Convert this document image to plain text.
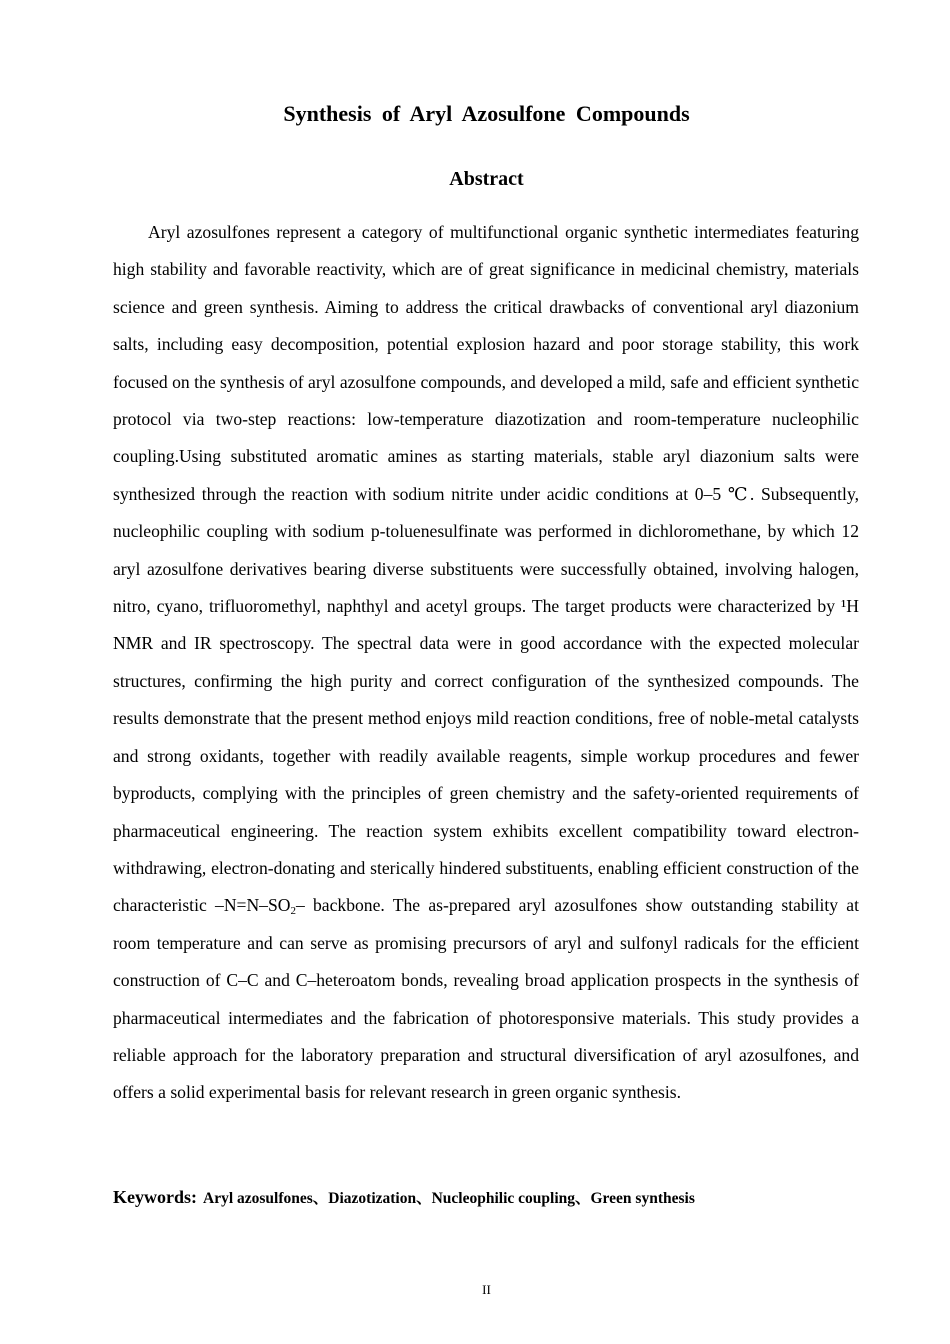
Synthesis of Aryl Azosulfone Compounds
Abstract

Aryl azosulfones represent a category of multifunctional organic synthetic intermediates featuring high stability and favorable reactivity, which are of great significance in medicinal chemistry, materials science and green synthesis. Aiming to address the critical drawbacks of conventional aryl diazonium salts, including easy decomposition, potential explosion hazard and poor storage stability, this work focused on the synthesis of aryl azosulfone compounds, and developed a mild, safe and efficient synthetic protocol via two-step reactions: low-temperature diazotization and room-temperature nucleophilic coupling.Using substituted aromatic amines as starting materials, stable aryl diazonium salts were synthesized through the reaction with sodium nitrite under acidic conditions at 0–5 ℃. Subsequently, nucleophilic coupling with sodium p-toluenesulfinate was performed in dichloromethane, by which 12 aryl azosulfone derivatives bearing diverse substituents were successfully obtained, involving halogen, nitro, cyano, trifluoromethyl, naphthyl and acetyl groups. The target products were characterized by ¹H NMR and IR spectroscopy. The spectral data were in good accordance with the expected molecular structures, confirming the high purity and correct configuration of the synthesized compounds. The results demonstrate that the present method enjoys mild reaction conditions, free of noble-metal catalysts and strong oxidants, together with readily available reagents, simple workup procedures and fewer byproducts, complying with the principles of green chemistry and the safety-oriented requirements of pharmaceutical engineering. The reaction system exhibits excellent compatibility toward electron-withdrawing, electron-donating and sterically hindered substituents, enabling efficient construction of the characteristic $-N=N-SO_2-$ backbone. The as-prepared aryl azosulfones show outstanding stability at room temperature and can serve as promising precursors of aryl and sulfonyl radicals for the efficient construction of C–C and C–heteroatom bonds, revealing broad application prospects in the synthesis of pharmaceutical intermediates and the fabrication of photoresponsive materials. This study provides a reliable approach for the laboratory preparation and structural diversification of aryl azosulfones, and offers a solid experimental basis for relevant research in green organic synthesis.

Keywords: Aryl azosulfones、Diazotization、Nucleophilic coupling、Green synthesis

II
